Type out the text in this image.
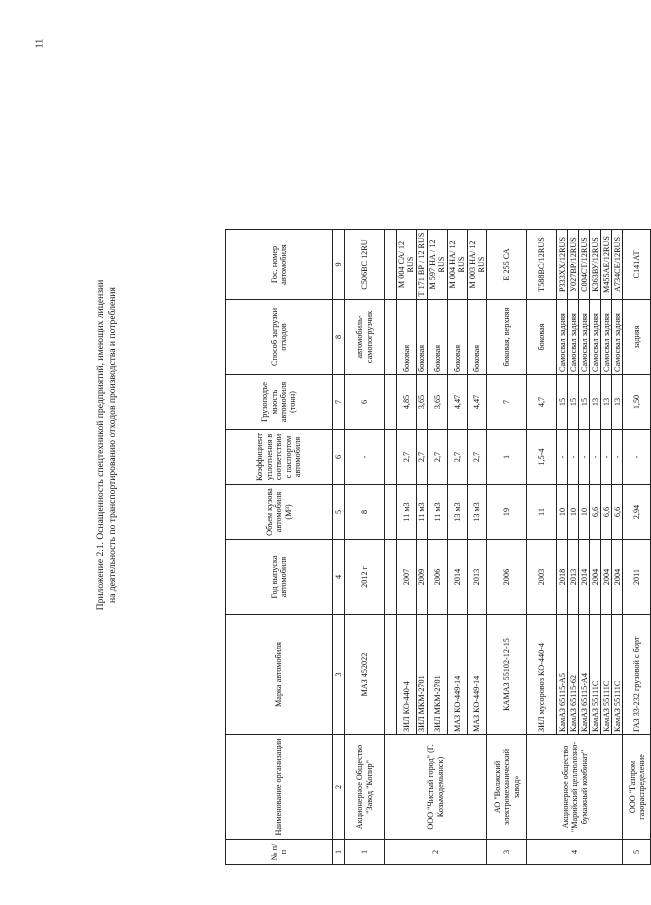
11
Приложение 2.1. Оснащенность спецтехникой предприятий, имеющих лицензии на деятельность по транспортированию отходов производства и потребления
№ п/п	Наименование организации	Марка автомобиля	Год выпуска автомобиля	Объем кузова автомобиля (М³)	Коэффициент уплотнения в соответствии с паспортом автомобиля	Грузоподъе мность автомобиля (тонн)	Способ загрузки отходов	Гос. номер автомобиля
1	2	3	4	5	6	7	8	9
1	Акционерное Общество "Завод "Копир"	МАЗ 452022	2012 г	8	-	6	автомобиль-самопогрузчик	С506ВС 12RU
2	ООО "Чистый город" (Г. Козьмодемьянск)							
		ЗИЛ КО-440-4	2007	11 м3	2,7	4,85	боковая	М 004 СА/ 12 RUS
		ЗИЛ МКМ-2701	2009	11 м3	2,7	3,65	боковая	Т 171 ВР / 12 RUS
		ЗИЛ МКМ-2701	2006	11 м3	2,7	3,65	боковая	М 597 НА / 12 RUS
		МАЗ КО-449-14	2014	13 м3	2,7	4,47	боковая	М 004 НА/ 12 RUS
		МАЗ КО-449-14	2013	13 м3	2,7	4,47	боковая	М 003 НА/ 12 RUS
3	АО "Волжский электромеханический завод»	КАМАЗ 55102-12-15	2006	19	1	7	боковая, верхняя	Е 255 СА
4	Акционерное общество "Марийский целлюлозно-бумажный комбинат"	ЗИЛ мусоровоз КО-440-4	2003	11	1,5-4	4,7	боковая	Т588ВС/12RUS
		КамАЗ 65115-А5	2018	10	-	15	Самосвал задняя	Р333ХХ/12RUS
		КамАЗ 65115-62	2013	10	-	15	Самосвал задняя	У027ВР/12RUS
		КамАЗ 65115-А4	2014	10	-	15	Самосвал задняя	С004СТ/12RUS
		КамАЗ 55111С	2004	6,6	-	13	Самосвал задняя	К363ВУ/12RUS
		КамАЗ 55111С	2004	6,6	-	13	Самосвал задняя	М455АЕ/12RUS
		КамАЗ 55111С	2004	6,6	-	13	Самосвал задняя	А734СЕ/12RUS
5	ООО "Газпром газораспределение	ГАЗ 33-232 грузовой с борт	2011	2,94	-	1,50	задняя	С141АТ
